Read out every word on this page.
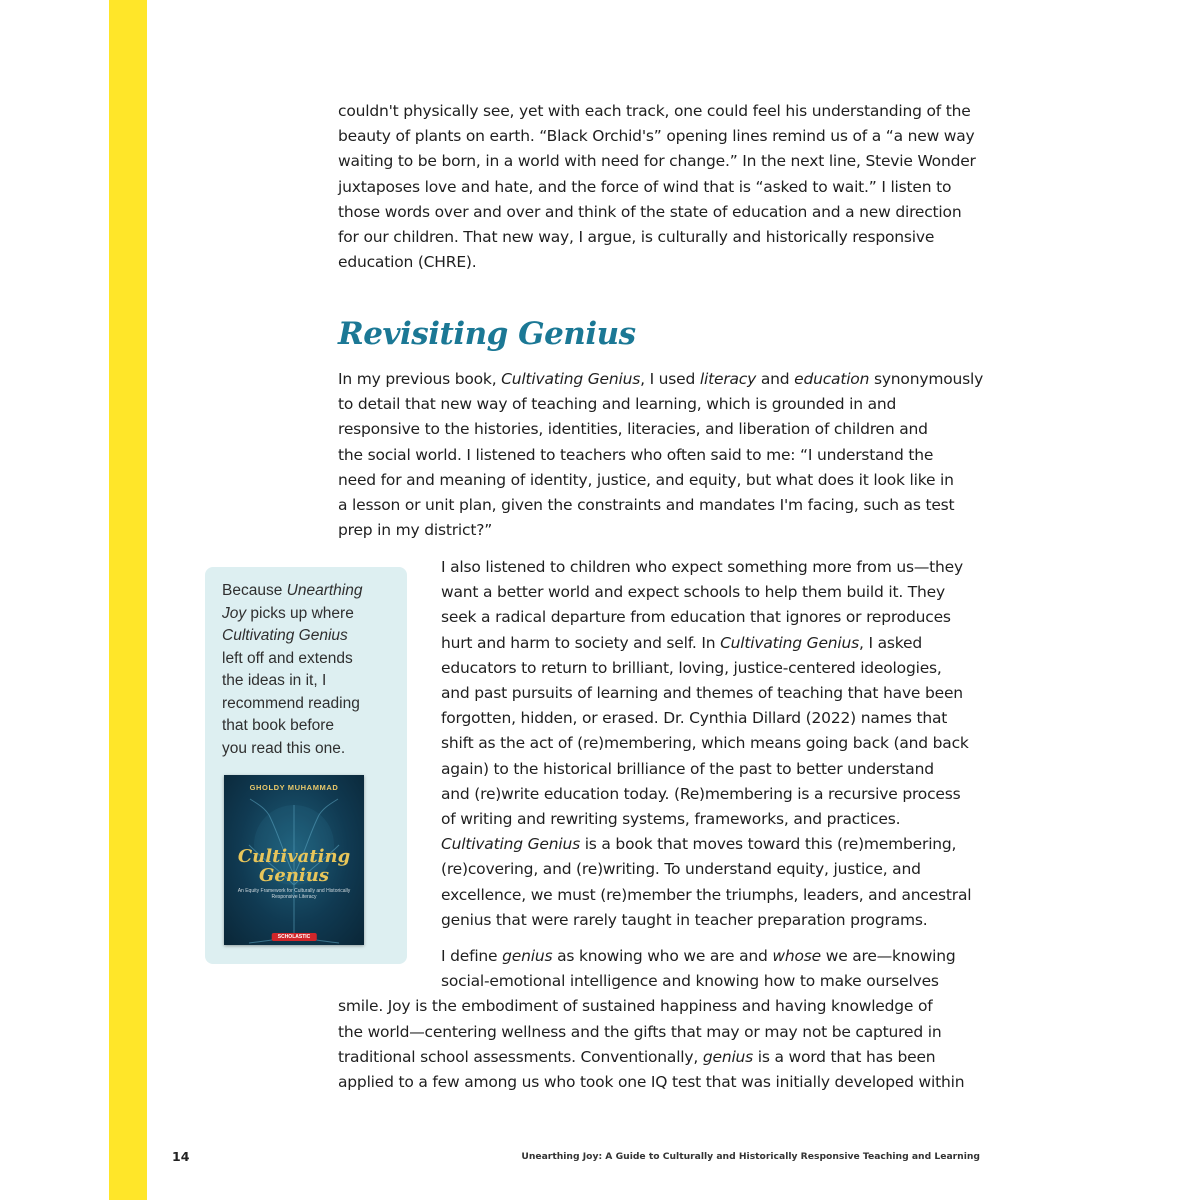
couldn't physically see, yet with each track, one could feel his understanding of the
beauty of plants on earth. “Black Orchid's” opening lines remind us of a “a new way
waiting to be born, in a world with need for change.” In the next line, Stevie Wonder
juxtaposes love and hate, and the force of wind that is “asked to wait.” I listen to
those words over and over and think of the state of education and a new direction
for our children. That new way, I argue, is culturally and historically responsive
education (CHRE).
Revisiting Genius
In my previous book, Cultivating Genius, I used literacy and education synonymously
to detail that new way of teaching and learning, which is grounded in and
responsive to the histories, identities, literacies, and liberation of children and
the social world. I listened to teachers who often said to me: “I understand the
need for and meaning of identity, justice, and equity, but what does it look like in
a lesson or unit plan, given the constraints and mandates I'm facing, such as test
prep in my district?”
Because Unearthing
Joy picks up where
Cultivating Genius
left off and extends
the ideas in it, I
recommend reading
that book before
you read this one.
GHOLDY MUHAMMAD
Cultivating
Genius
An Equity Framework for Culturally and Historically Responsive Literacy
SCHOLASTIC
I also listened to children who expect something more from us—they
want a better world and expect schools to help them build it. They
seek a radical departure from education that ignores or reproduces
hurt and harm to society and self. In Cultivating Genius, I asked
educators to return to brilliant, loving, justice-centered ideologies,
and past pursuits of learning and themes of teaching that have been
forgotten, hidden, or erased. Dr. Cynthia Dillard (2022) names that
shift as the act of (re)membering, which means going back (and back
again) to the historical brilliance of the past to better understand
and (re)write education today. (Re)membering is a recursive process
of writing and rewriting systems, frameworks, and practices.
Cultivating Genius is a book that moves toward this (re)membering,
(re)covering, and (re)writing. To understand equity, justice, and
excellence, we must (re)member the triumphs, leaders, and ancestral
genius that were rarely taught in teacher preparation programs.
I define genius as knowing who we are and whose we are—knowing
social-emotional intelligence and knowing how to make ourselves
smile. Joy is the embodiment of sustained happiness and having knowledge of
the world—centering wellness and the gifts that may or may not be captured in
traditional school assessments. Conventionally, genius is a word that has been
applied to a few among us who took one IQ test that was initially developed within
14	Unearthing Joy: A Guide to Culturally and Historically Responsive Teaching and Learning
